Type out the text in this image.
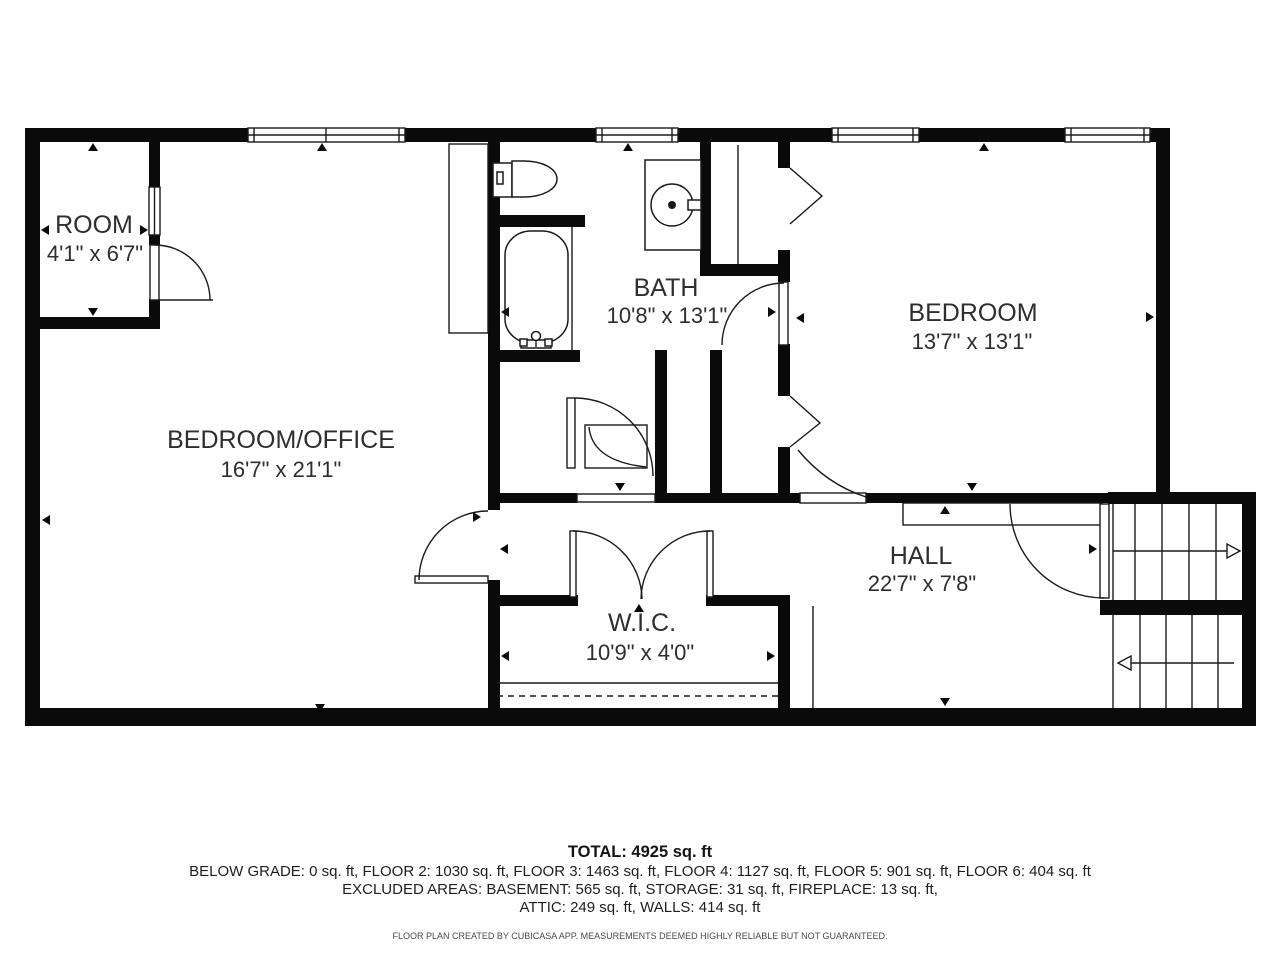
ROOM
4'1" x 6'7"
BEDROOM/OFFICE
16'7" x 21'1"
BATH
10'8" x 13'1"	BEDROOM
13'7" x 13'1"
HALL
22'7" x 7'8"
W.I.C.
10'9" x 4'0"
TOTAL: 4925 sq. ft
BELOW GRADE: 0 sq. ft, FLOOR 2: 1030 sq. ft, FLOOR 3: 1463 sq. ft, FLOOR 4: 1127 sq. ft, FLOOR 5: 901 sq. ft, FLOOR 6: 404 sq. ft
EXCLUDED AREAS: BASEMENT: 565 sq. ft, STORAGE: 31 sq. ft, FIREPLACE: 13 sq. ft,
ATTIC: 249 sq. ft, WALLS: 414 sq. ft
FLOOR PLAN CREATED BY CUBICASA APP. MEASUREMENTS DEEMED HIGHLY RELIABLE BUT NOT GUARANTEED.
